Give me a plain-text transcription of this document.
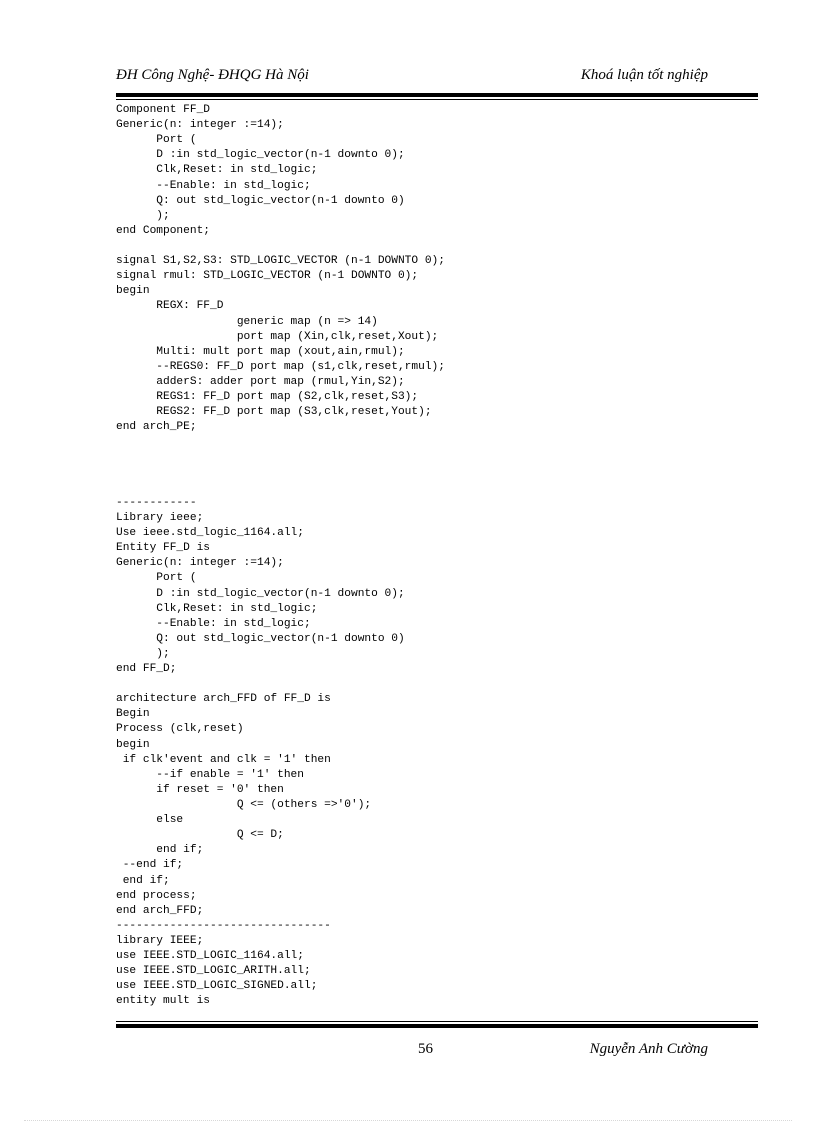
ĐH Công Nghệ- ĐHQG Hà Nội	Khoá luận tốt nghiệp
Component FF_D
Generic(n: integer :=14);
Port (
D :in std_logic_vector(n-1 downto 0);
Clk,Reset: in std_logic;
--Enable: in std_logic;
Q: out std_logic_vector(n-1 downto 0)
);
end Component;
signal S1,S2,S3: STD_LOGIC_VECTOR (n-1 DOWNTO 0);
signal rmul: STD_LOGIC_VECTOR (n-1 DOWNTO 0);
begin
REGX: FF_D
generic map (n => 14)
port map (Xin,clk,reset,Xout);
Multi: mult port map (xout,ain,rmul);
--REGS0: FF_D port map (s1,clk,reset,rmul);
adderS: adder port map (rmul,Yin,S2);
REGS1: FF_D port map (S2,clk,reset,S3);
REGS2: FF_D port map (S3,clk,reset,Yout);
end arch_PE;
------------
Library ieee;
Use ieee.std_logic_1164.all;
Entity FF_D is
Generic(n: integer :=14);
Port (
D :in std_logic_vector(n-1 downto 0);
Clk,Reset: in std_logic;
--Enable: in std_logic;
Q: out std_logic_vector(n-1 downto 0)
);
end FF_D;
architecture arch_FFD of FF_D is
Begin
Process (clk,reset)
begin
if clk'event and clk = '1' then
--if enable = '1' then
if reset = '0' then
Q <= (others =>'0');
else
Q <= D;
end if;
--end if;
end if;
end process;
end arch_FFD;
--------------------------------
library IEEE;
use IEEE.STD_LOGIC_1164.all;
use IEEE.STD_LOGIC_ARITH.all;
use IEEE.STD_LOGIC_SIGNED.all;
entity mult is
56	Nguyễn Anh Cường
